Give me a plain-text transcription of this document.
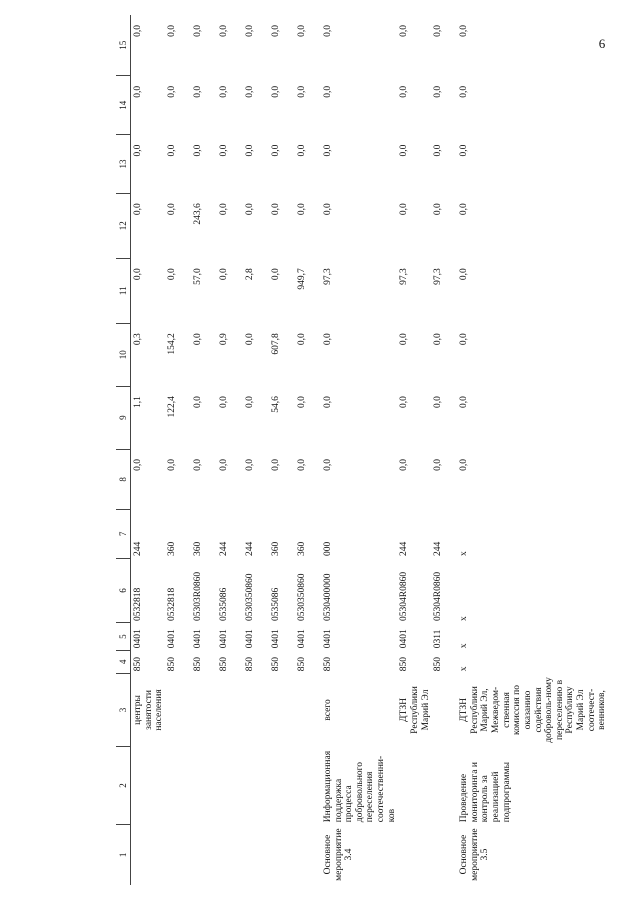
6
1	2	3	4	5	6	7	8	9	10	11	12	13	14	15
		центры занятости населения	850	0401	0532818	244	0,0	1,1	0,3	0,0	0,0	0,0	0,0	0,0
			850	0401	0532818	360	0,0	122,4	154,2	0,0	0,0	0,0	0,0	0,0
			850	0401	05303R0860	360	0,0	0,0	0,0	57,0	243,6	0,0	0,0	0,0
			850	0401	0535086	244	0,0	0,0	0,9	0,0	0,0	0,0	0,0	0,0
			850	0401	0530350860	244	0,0	0,0	0,0	2,8	0,0	0,0	0,0	0,0
			850	0401	0535086	360	0,0	54,6	607,8	0,0	0,0	0,0	0,0	0,0
			850	0401	0530350860	360	0,0	0,0	0,0	949,7	0,0	0,0	0,0	0,0
Основное мероприятие 3.4	Информационная поддержка процесса добровольного переселения соотечественни-ков	всего	850	0401	0530400000	000	0,0	0,0	0,0	97,3	0,0	0,0	0,0	0,0
		ДТЗН Республики Марий Эл	850	0401	05304R0860	244	0,0	0,0	0,0	97,3	0,0	0,0	0,0	0,0
			850	0311	05304R0860	244	0,0	0,0	0,0	97,3	0,0	0,0	0,0	0,0
Основное мероприятие 3.5	Проведение мониторинга и контроль за реализацией подпрограммы	ДТЗН Республики Марий Эл, Межведом-ственная комиссия по оказанию содействия доброволь-ному переселению в Республику Марий Эл соотечест-венников,	x	x	x	x	0,0	0,0	0,0	0,0	0,0	0,0	0,0	0,0
